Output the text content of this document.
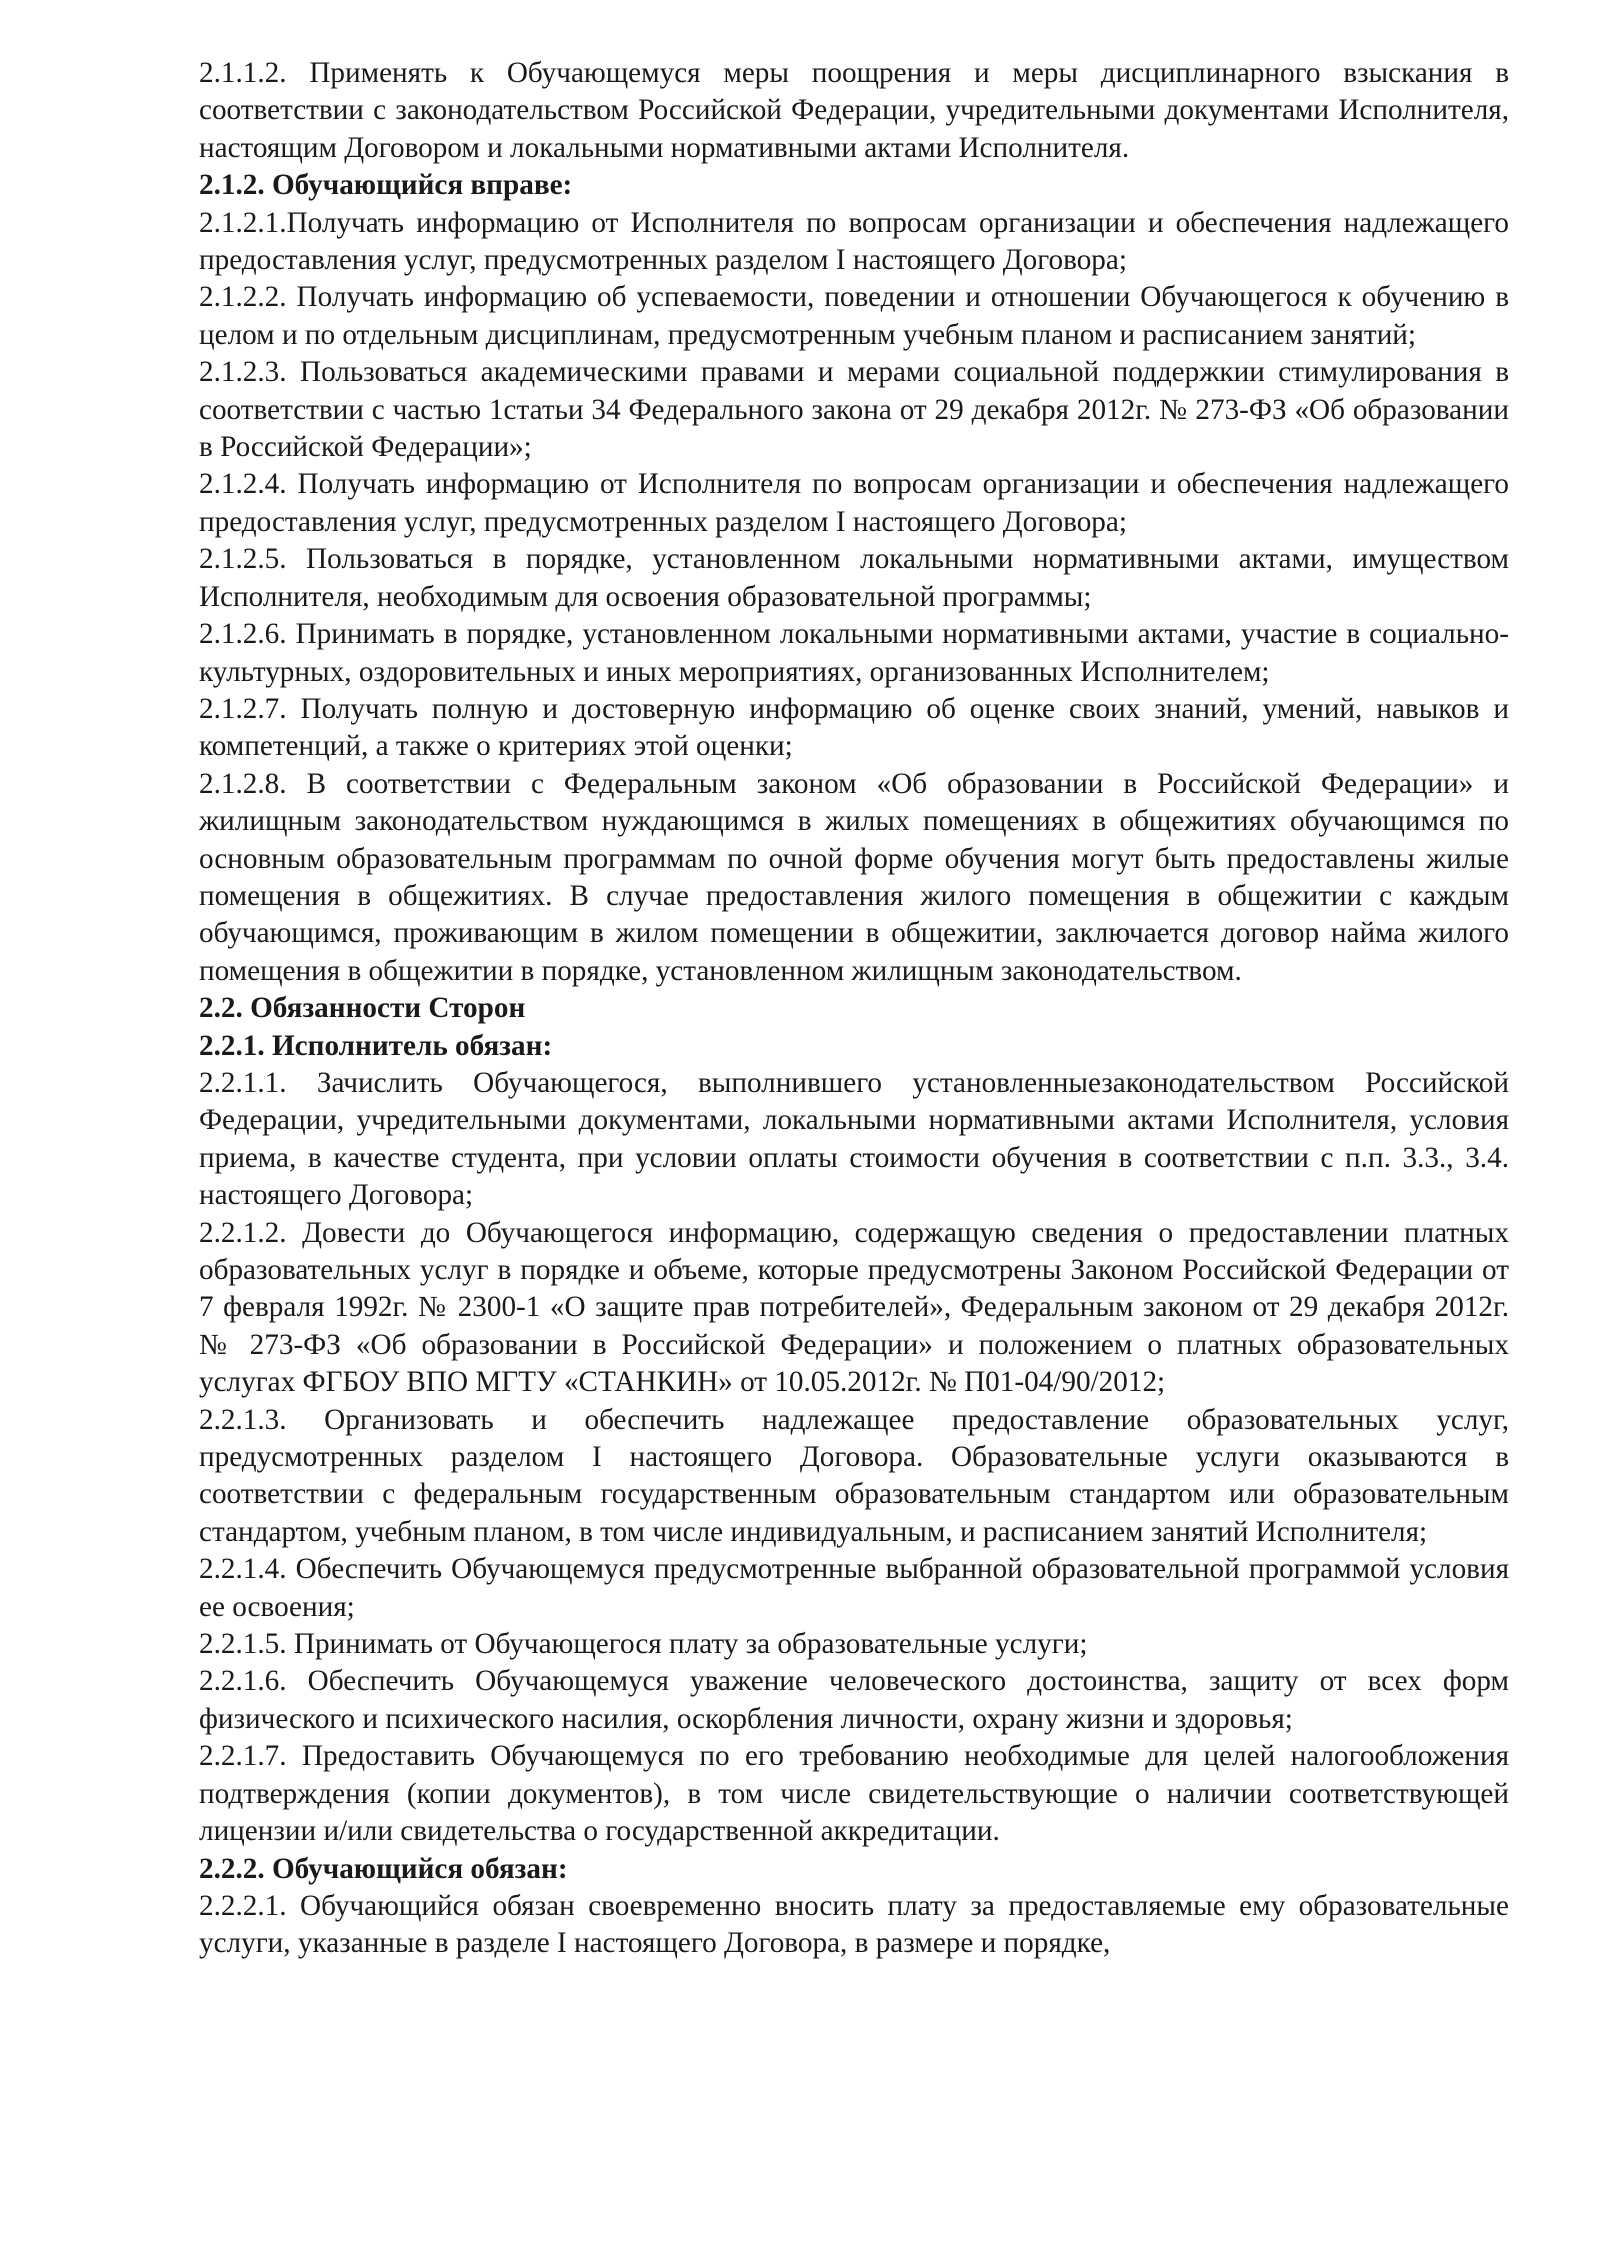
2.1.1.2. Применять к Обучающемуся меры поощрения и меры дисциплинарного взыскания в соответствии с законодательством Российской Федерации, учредительными документами Исполнителя, настоящим Договором и локальными нормативными актами Исполнителя.

2.1.2. Обучающийся вправе:

2.1.2.1.Получать информацию от Исполнителя по вопросам организации и обеспечения надлежащего предоставления услуг, предусмотренных разделом I настоящего Договора;

2.1.2.2. Получать информацию об успеваемости, поведении и отношении Обучающегося к обучению в целом и по отдельным дисциплинам, предусмотренным учебным планом и расписанием занятий;

2.1.2.3. Пользоваться академическими правами и мерами социальной поддержкии стимулирования в соответствии с частью 1статьи 34 Федерального закона от 29 декабря 2012г. № 273-ФЗ «Об образовании в Российской Федерации»;

2.1.2.4. Получать информацию от Исполнителя по вопросам организации и обеспечения надлежащего предоставления услуг, предусмотренных разделом I настоящего Договора;

2.1.2.5. Пользоваться в порядке, установленном локальными нормативными актами, имуществом Исполнителя, необходимым для освоения образовательной программы;

2.1.2.6. Принимать в порядке, установленном локальными нормативными актами, участие в социально-культурных, оздоровительных и иных мероприятиях, организованных Исполнителем;

2.1.2.7. Получать полную и достоверную информацию об оценке своих знаний, умений, навыков и компетенций, а также о критериях этой оценки;

2.1.2.8. В соответствии с Федеральным законом «Об образовании в Российской Федерации» и жилищным законодательством нуждающимся в жилых помещениях в общежитиях обучающимся по основным образовательным программам по очной форме обучения могут быть предоставлены жилые помещения в общежитиях. В случае предоставления жилого помещения в общежитии с каждым обучающимся, проживающим в жилом помещении в общежитии, заключается договор найма жилого помещения в общежитии в порядке, установленном жилищным законодательством.

2.2. Обязанности Сторон

2.2.1. Исполнитель обязан:

2.2.1.1. Зачислить Обучающегося, выполнившего установленныезаконодательством Российской Федерации, учредительными документами, локальными нормативными актами Исполнителя, условия приема, в качестве студента, при условии оплаты стоимости обучения в соответствии с п.п. 3.3., 3.4. настоящего Договора;

2.2.1.2. Довести до Обучающегося информацию, содержащую сведения о предоставлении платных образовательных услуг в порядке и объеме, которые предусмотрены Законом Российской Федерации от 7 февраля 1992г. № 2300-1 «О защите прав потребителей», Федеральным законом от 29 декабря 2012г. № 273-ФЗ «Об образовании в Российской Федерации» и положением о платных образовательных услугах ФГБОУ ВПО МГТУ «СТАНКИН» от 10.05.2012г. № П01-04/90/2012;

2.2.1.3. Организовать и обеспечить надлежащее предоставление образовательных услуг, предусмотренных разделом I настоящего Договора. Образовательные услуги оказываются в соответствии с федеральным государственным образовательным стандартом или образовательным стандартом, учебным планом, в том числе индивидуальным, и расписанием занятий Исполнителя;

2.2.1.4. Обеспечить Обучающемуся предусмотренные выбранной образовательной программой условия ее освоения;

2.2.1.5. Принимать от Обучающегося плату за образовательные услуги;

2.2.1.6. Обеспечить Обучающемуся уважение человеческого достоинства, защиту от всех форм физического и психического насилия, оскорбления личности, охрану жизни и здоровья;

2.2.1.7. Предоставить Обучающемуся по его требованию необходимые для целей налогообложения подтверждения (копии документов), в том числе свидетельствующие о наличии соответствующей лицензии и/или свидетельства о государственной аккредитации.

2.2.2. Обучающийся обязан:

2.2.2.1. Обучающийся обязан своевременно вносить плату за предоставляемые ему образовательные услуги, указанные в разделе I настоящего Договора, в размере и порядке,
